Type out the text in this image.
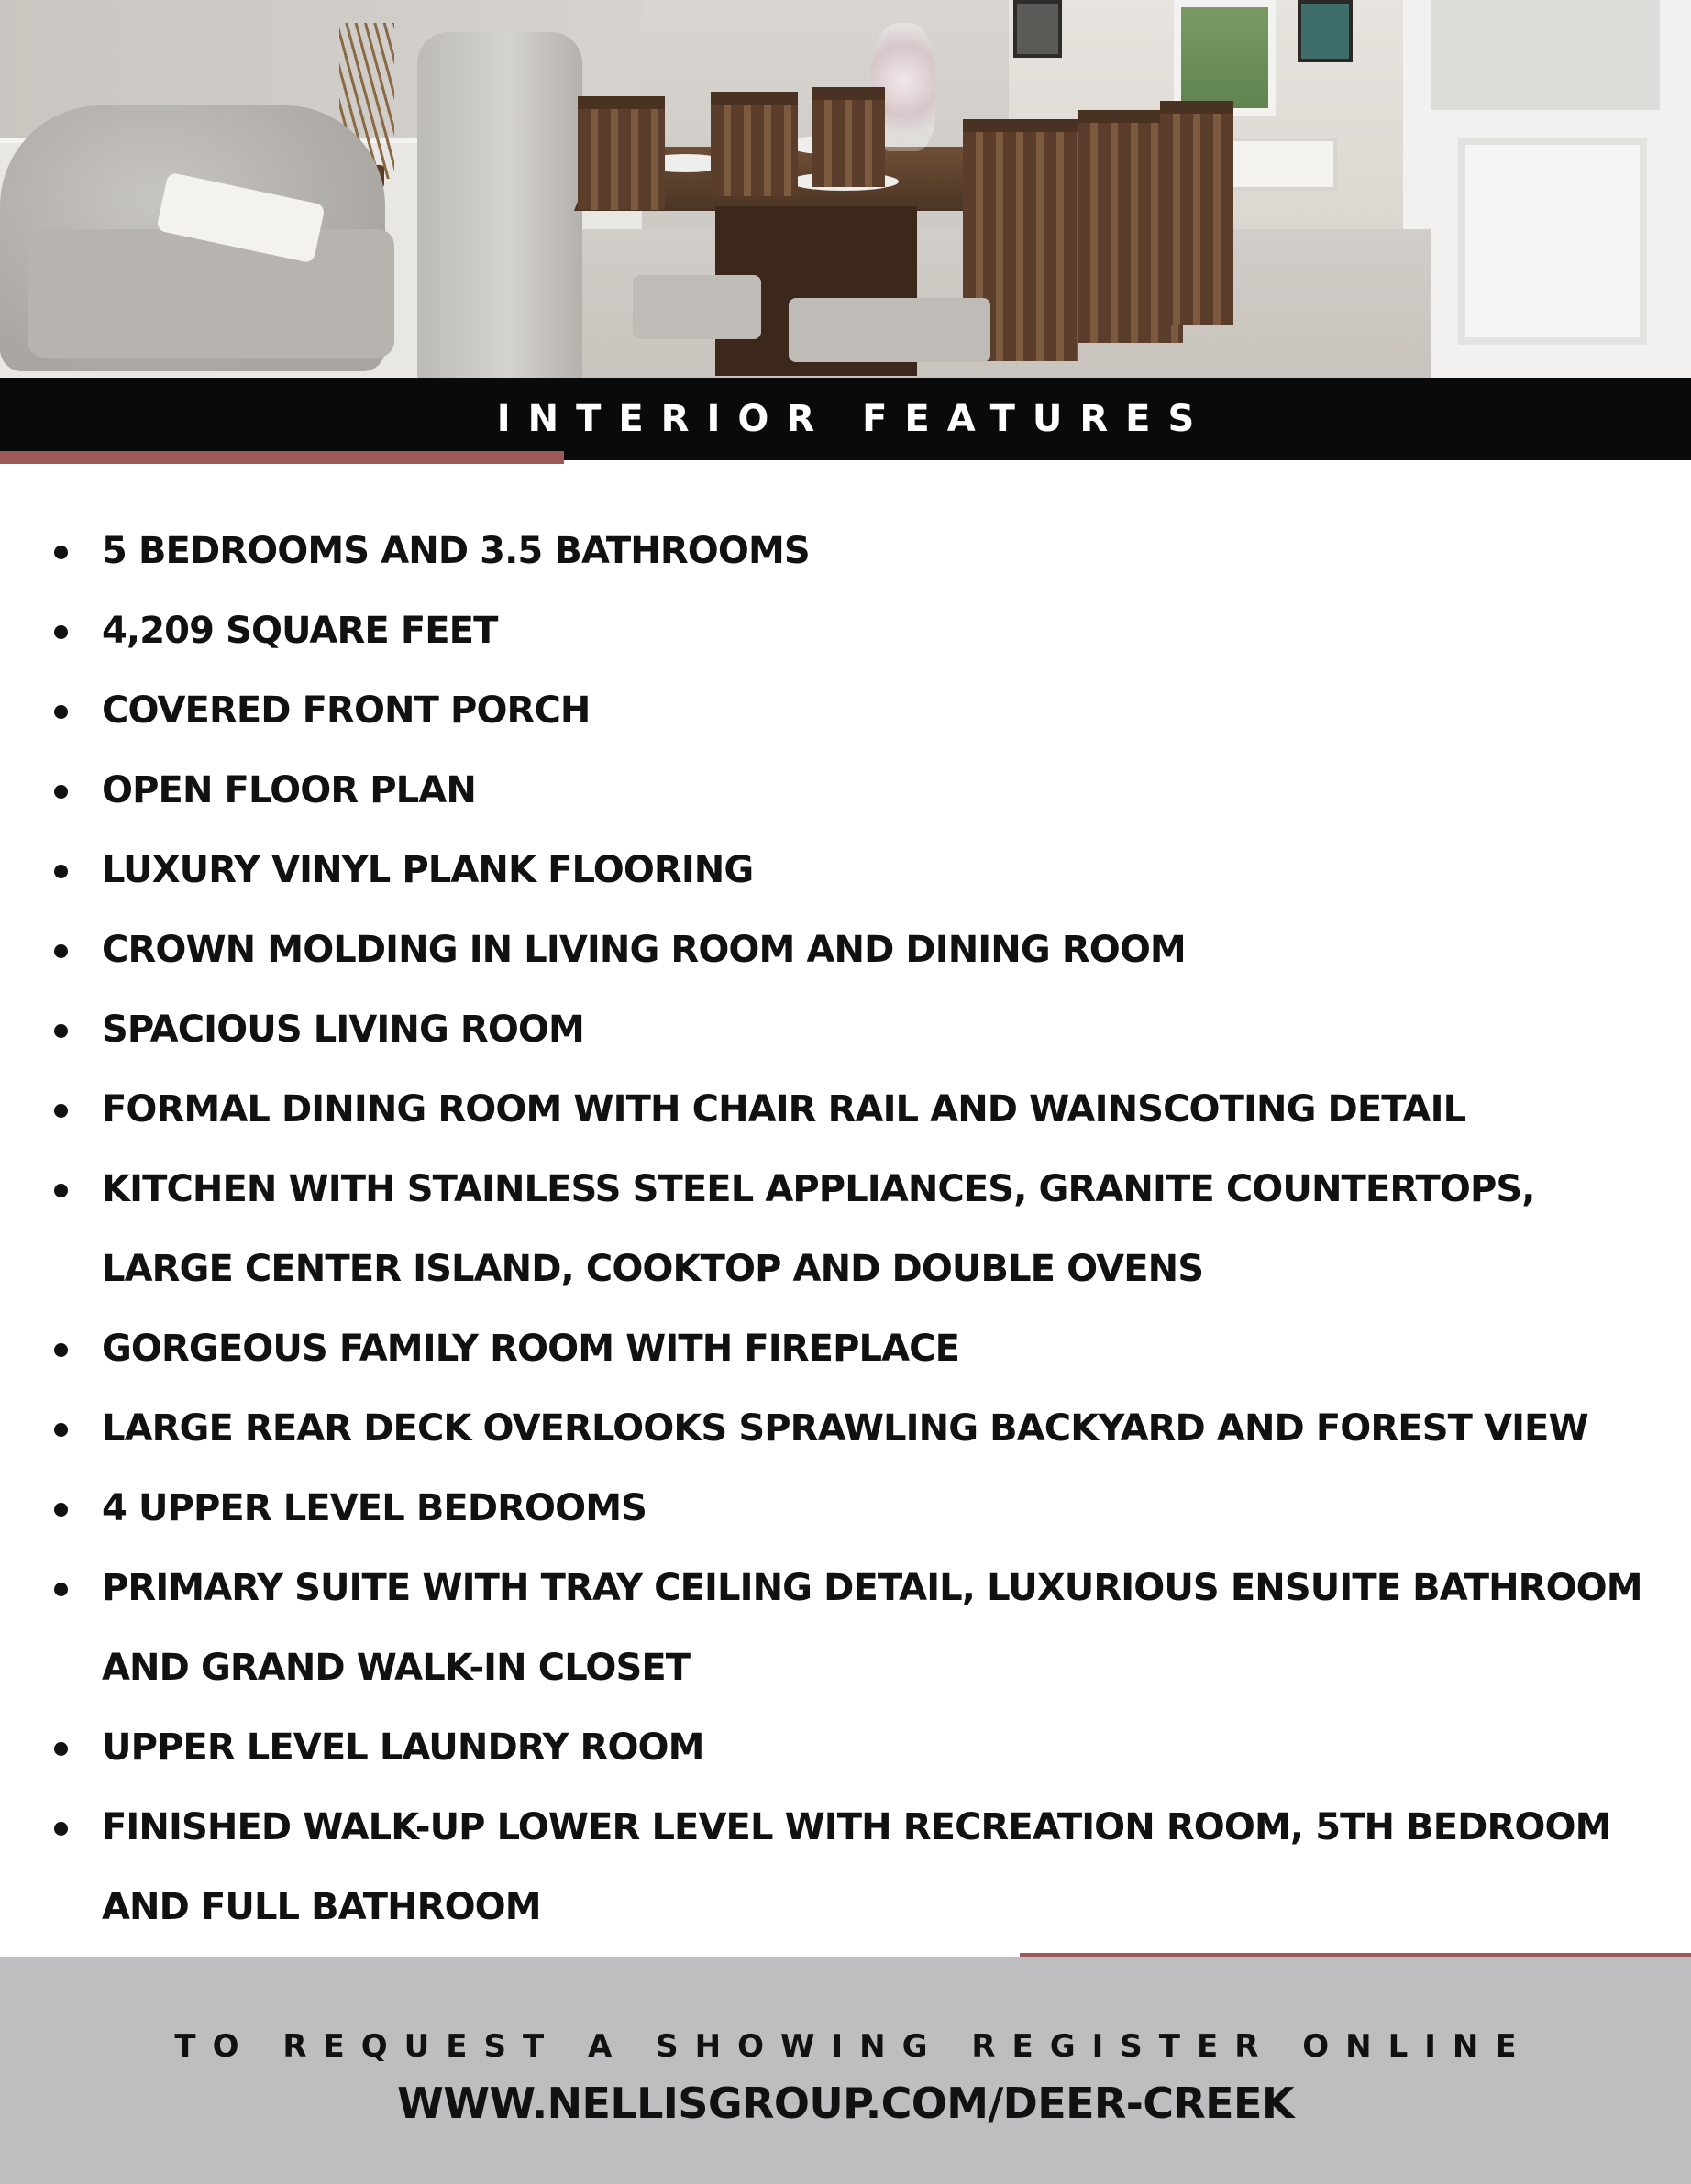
INTERIOR FEATURES
5 BEDROOMS AND 3.5 BATHROOMS
4,209 SQUARE FEET
COVERED FRONT PORCH
OPEN FLOOR PLAN
LUXURY VINYL PLANK FLOORING
CROWN MOLDING IN LIVING ROOM AND DINING ROOM
SPACIOUS LIVING ROOM
FORMAL DINING ROOM WITH CHAIR RAIL AND WAINSCOTING DETAIL
KITCHEN WITH STAINLESS STEEL APPLIANCES, GRANITE COUNTERTOPS, LARGE CENTER ISLAND, COOKTOP AND DOUBLE OVENS
GORGEOUS FAMILY ROOM WITH FIREPLACE
LARGE REAR DECK OVERLOOKS SPRAWLING BACKYARD AND FOREST VIEW
4 UPPER LEVEL BEDROOMS
PRIMARY SUITE WITH TRAY CEILING DETAIL, LUXURIOUS ENSUITE BATHROOM AND GRAND WALK-IN CLOSET
UPPER LEVEL LAUNDRY ROOM
FINISHED WALK-UP LOWER LEVEL WITH RECREATION ROOM, 5TH BEDROOM AND FULL BATHROOM
TO REQUEST A SHOWING REGISTER ONLINE
WWW.NELLISGROUP.COM/DEER-CREEK
